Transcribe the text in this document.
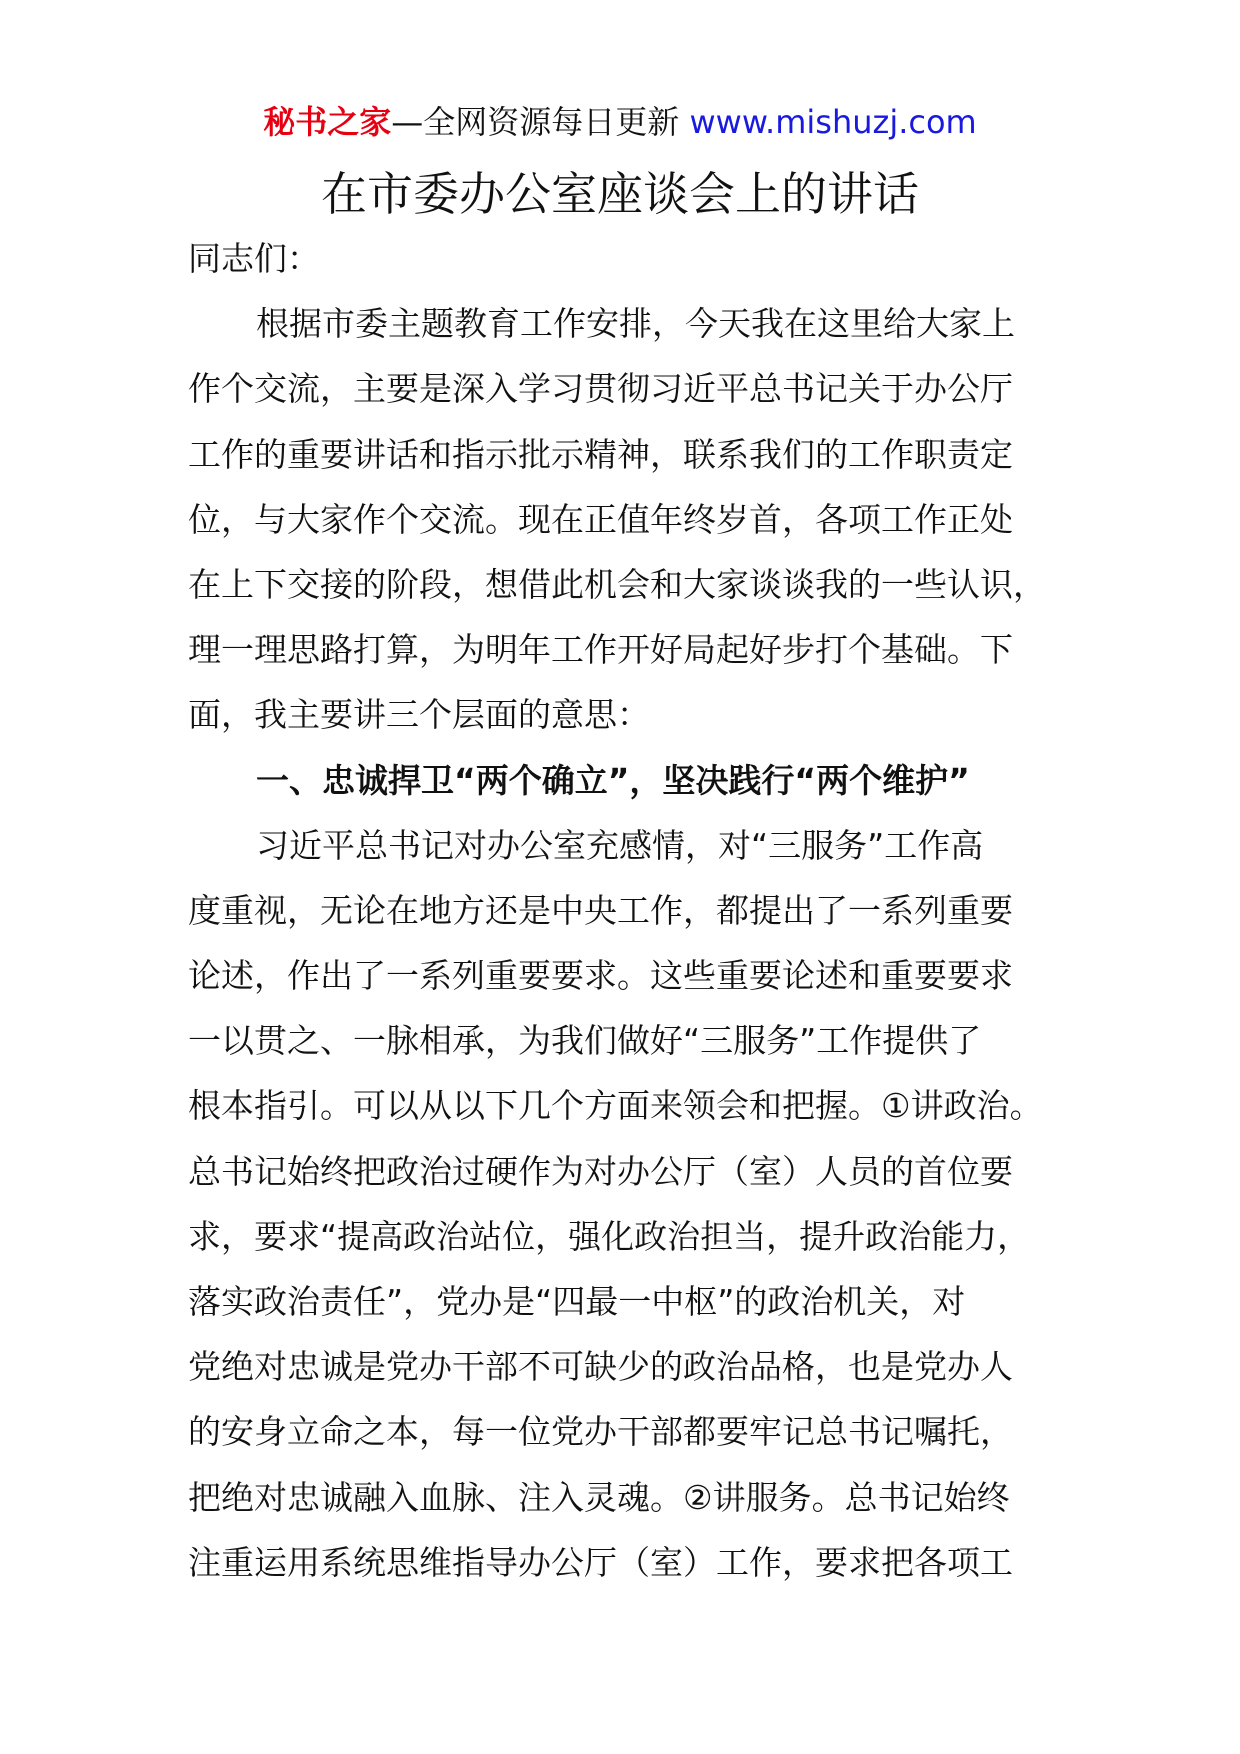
秘书之家—全网资源每日更新 www.mishuzj.com
在市委办公室座谈会上的讲话
同志们：
根据市委主题教育工作安排，今天我在这里给大家上
作个交流，主要是深入学习贯彻习近平总书记关于办公厅
工作的重要讲话和指示批示精神，联系我们的工作职责定
位，与大家作个交流。现在正值年终岁首，各项工作正处
在上下交接的阶段，想借此机会和大家谈谈我的一些认识，
理一理思路打算，为明年工作开好局起好步打个基础。下
面，我主要讲三个层面的意思：
一、忠诚捍卫“两个确立”，坚决践行“两个维护”
习近平总书记对办公室充感情，对“三服务”工作高
度重视，无论在地方还是中央工作，都提出了一系列重要
论述，作出了一系列重要要求。这些重要论述和重要要求
一以贯之、一脉相承，为我们做好“三服务”工作提供了
根本指引。可以从以下几个方面来领会和把握。①讲政治。
总书记始终把政治过硬作为对办公厅（室）人员的首位要
求，要求“提高政治站位，强化政治担当，提升政治能力，
落实政治责任”，党办是“四最一中枢”的政治机关，对
党绝对忠诚是党办干部不可缺少的政治品格，也是党办人
的安身立命之本，每一位党办干部都要牢记总书记嘱托，
把绝对忠诚融入血脉、注入灵魂。②讲服务。总书记始终
注重运用系统思维指导办公厅（室）工作，要求把各项工
